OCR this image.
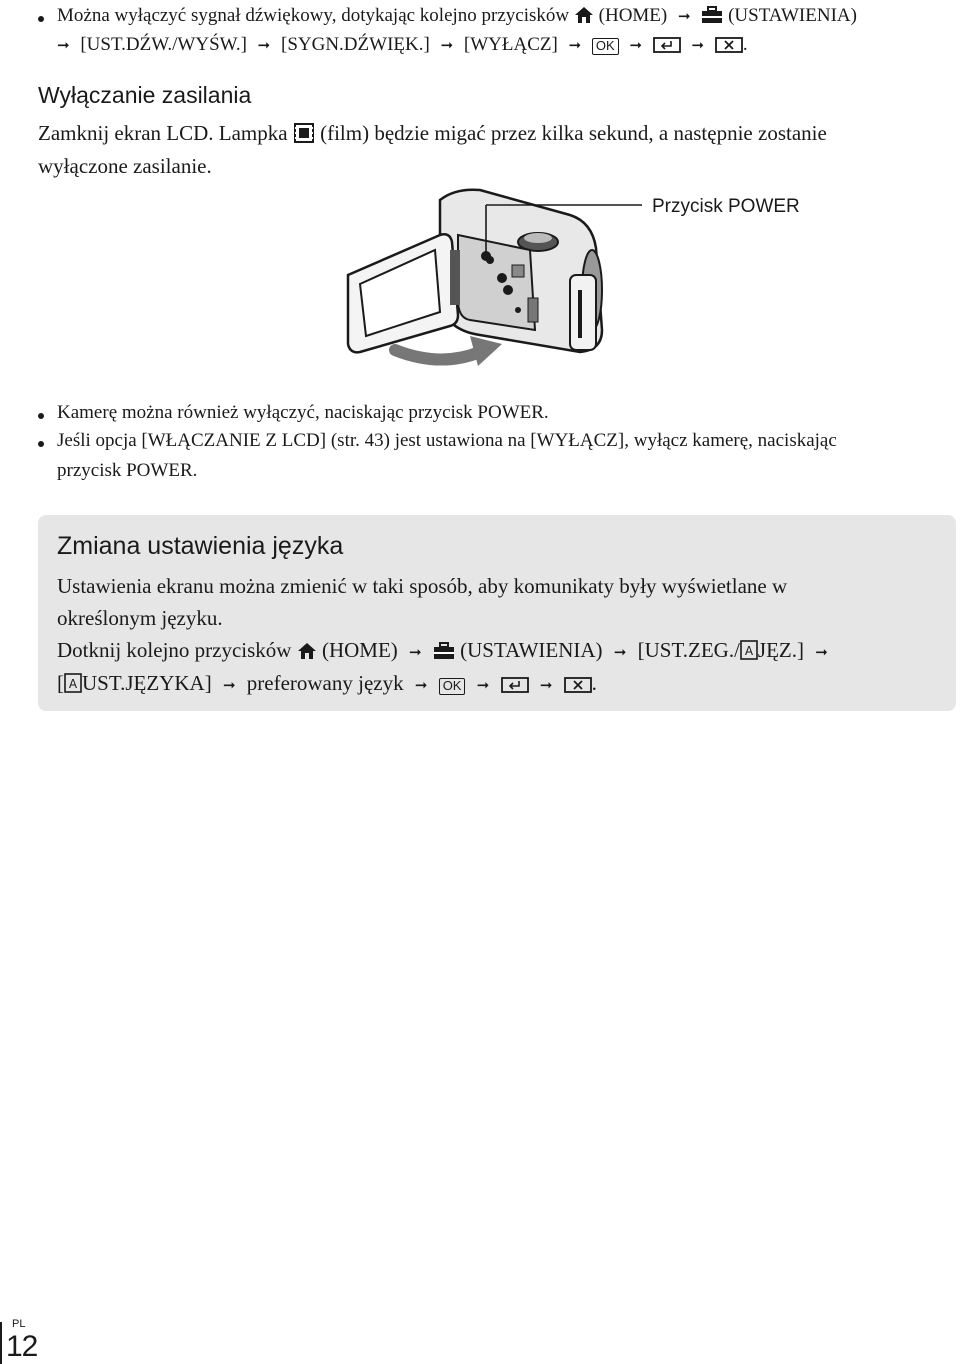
Można wyłączyć sygnał dźwiękowy, dotykając kolejno przycisków (HOME) ➞ (USTAWIENIA)
➞ [UST.DŹW./WYŚW.] ➞ [SYGN.DŹWIĘK.] ➞ [WYŁĄCZ] ➞ OK ➞	➞ .
Wyłączanie zasilania
Zamknij ekran LCD. Lampka (film) będzie migać przez kilka sekund, a następnie zostanie
wyłączone zasilanie.
Przycisk POWER
Kamerę można również wyłączyć, naciskając przycisk POWER.
Jeśli opcja [WŁĄCZANIE Z LCD] (str. 43) jest ustawiona na [WYŁĄCZ], wyłącz kamerę, naciskając
przycisk POWER.
Zmiana ustawienia języka
Ustawienia ekranu można zmienić w taki sposób, aby komunikaty były wyświetlane w
określonym języku.
Dotknij kolejno przycisków (HOME) ➞ (USTAWIENIA) ➞ [UST.ZEG./ A JĘZ.] ➞
[ A UST.JĘZYKA] ➞ preferowany język ➞ OK ➞	➞ .
PL
12
